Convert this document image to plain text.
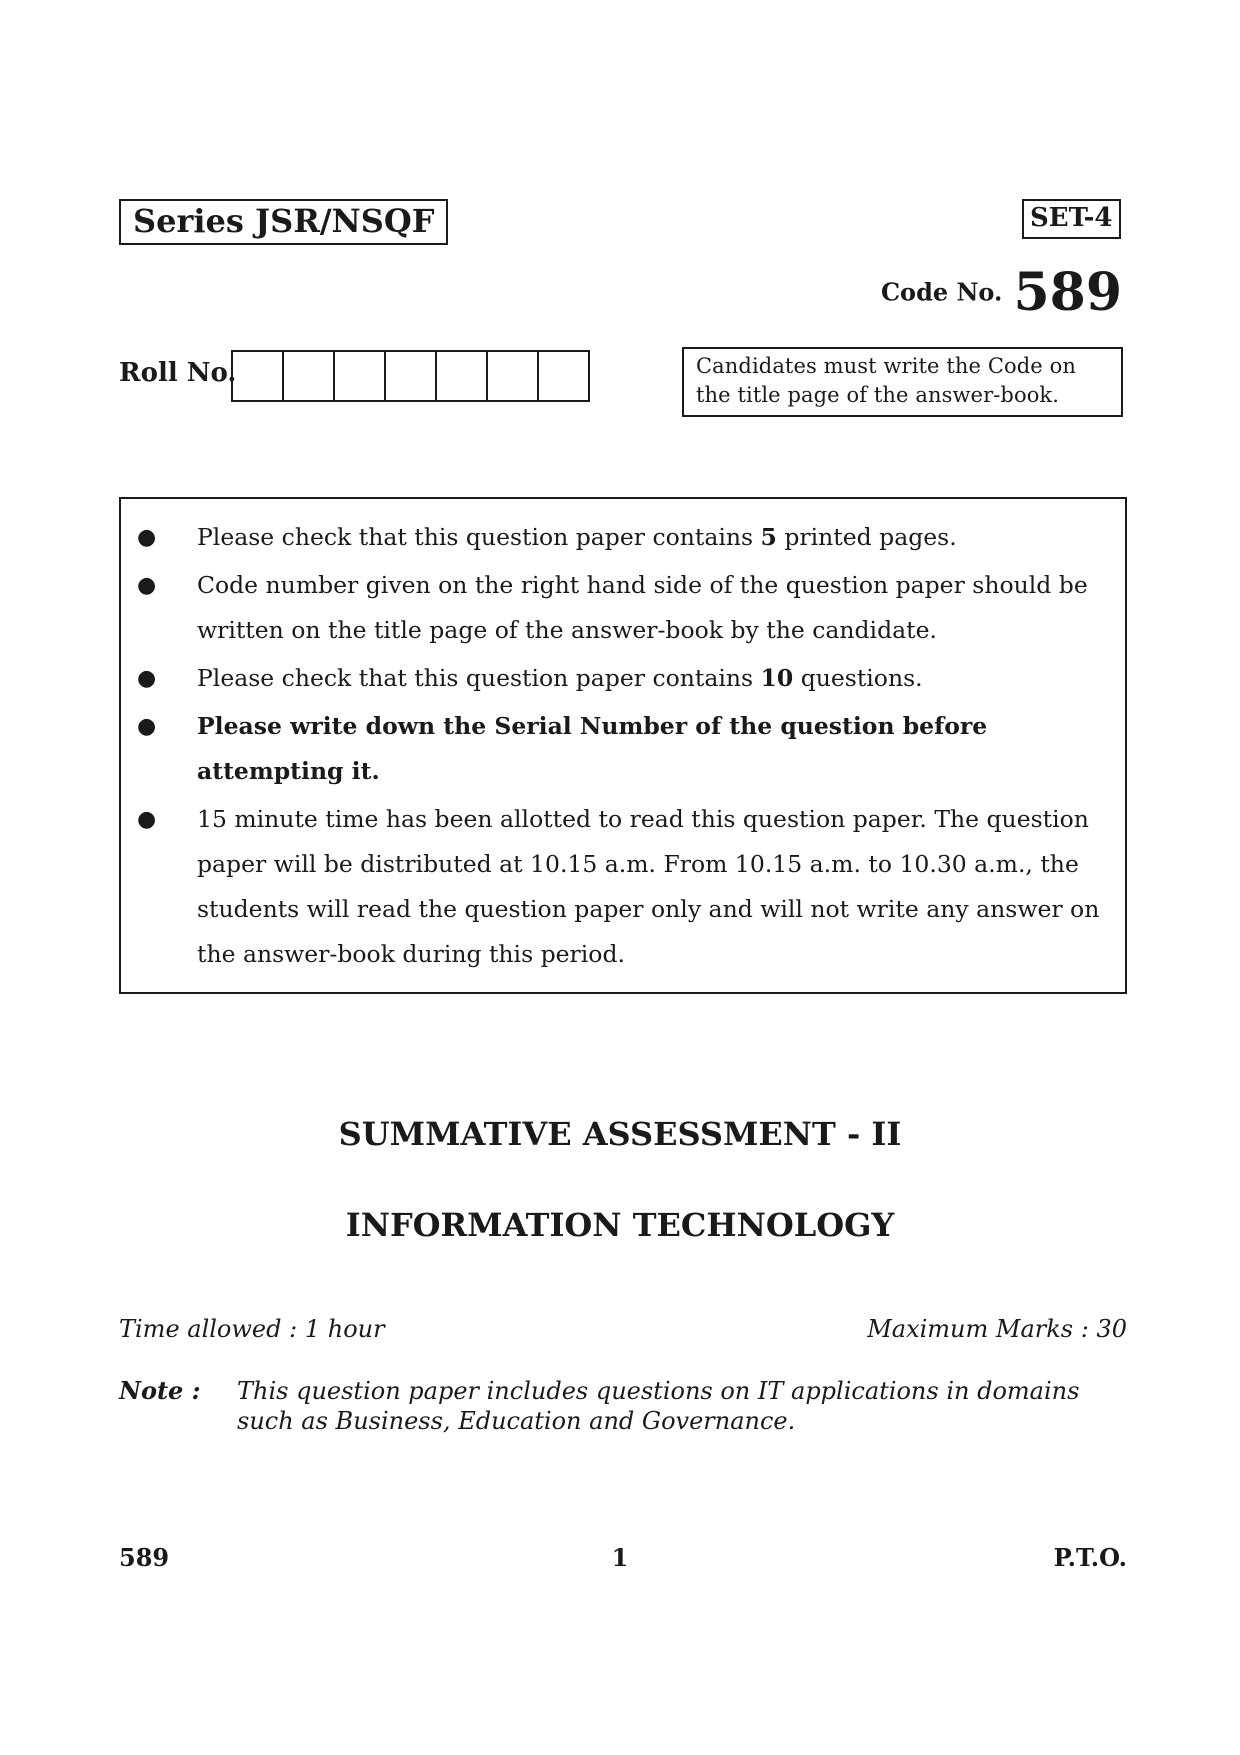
Series JSR/NSQF	SET-4
Code No. 589
Roll No.	Candidates must write the Code on the title page of the answer-book.
● Please check that this question paper contains 5 printed pages.
● Code number given on the right hand side of the question paper should be written on the title page of the answer-book by the candidate.
● Please check that this question paper contains 10 questions.
● Please write down the Serial Number of the question before attempting it.
● 15 minute time has been allotted to read this question paper. The question paper will be distributed at 10.15 a.m. From 10.15 a.m. to 10.30 a.m., the students will read the question paper only and will not write any answer on the answer-book during this period.
SUMMATIVE ASSESSMENT - II
INFORMATION TECHNOLOGY
Time allowed : 1 hour	Maximum Marks : 30
Note : This question paper includes questions on IT applications in domains such as Business, Education and Governance.
589	1	P.T.O.
